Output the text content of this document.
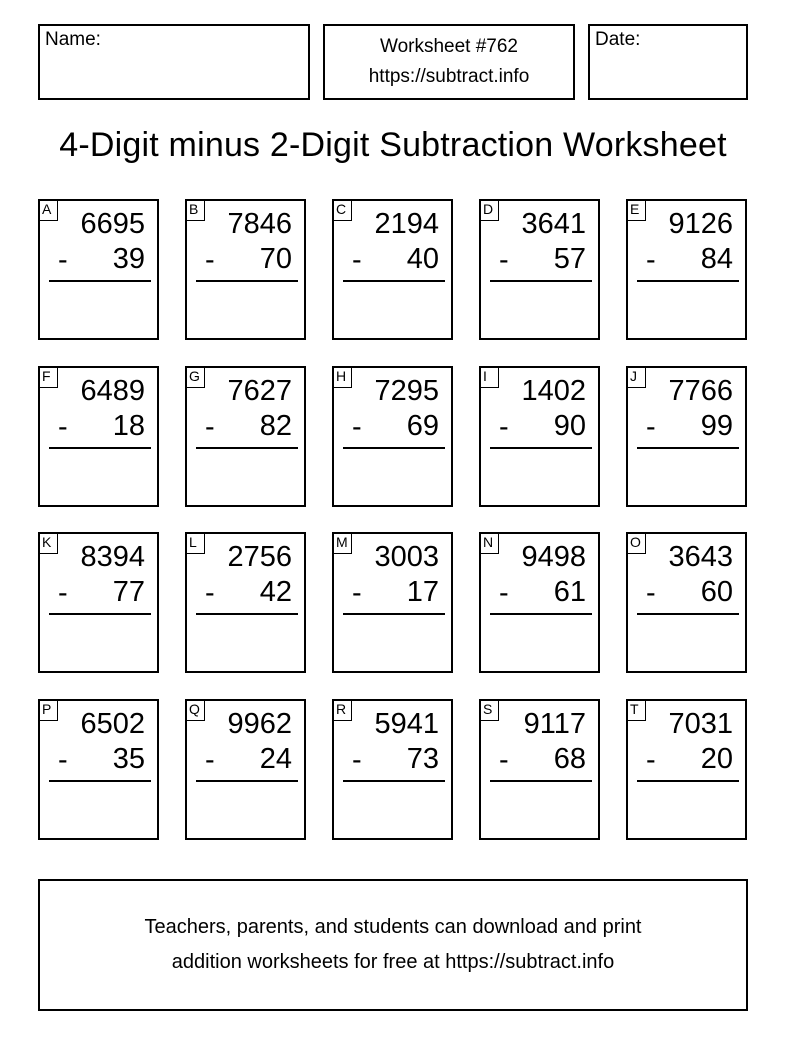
Name:	Worksheet #762
https://subtract.info
Date:
4-Digit minus 2-Digit Subtraction Worksheet
A 6695
- 39
B 7846
- 70
C 2194
- 40
D 3641
- 57
E 9126
- 84
F 6489
- 18
G 7627
- 82
H 7295
- 69
I	1402
- 90
J	7766
- 99
K 8394
- 77
L 2756
- 42
M 3003
- 17
N 9498
- 61
O 3643
- 60
P 6502
- 35
Q 9962
- 24
R 5941
- 73
S 9117
- 68
T 7031
- 20
Teachers, parents, and students can download and print
addition worksheets for free at https://subtract.info
